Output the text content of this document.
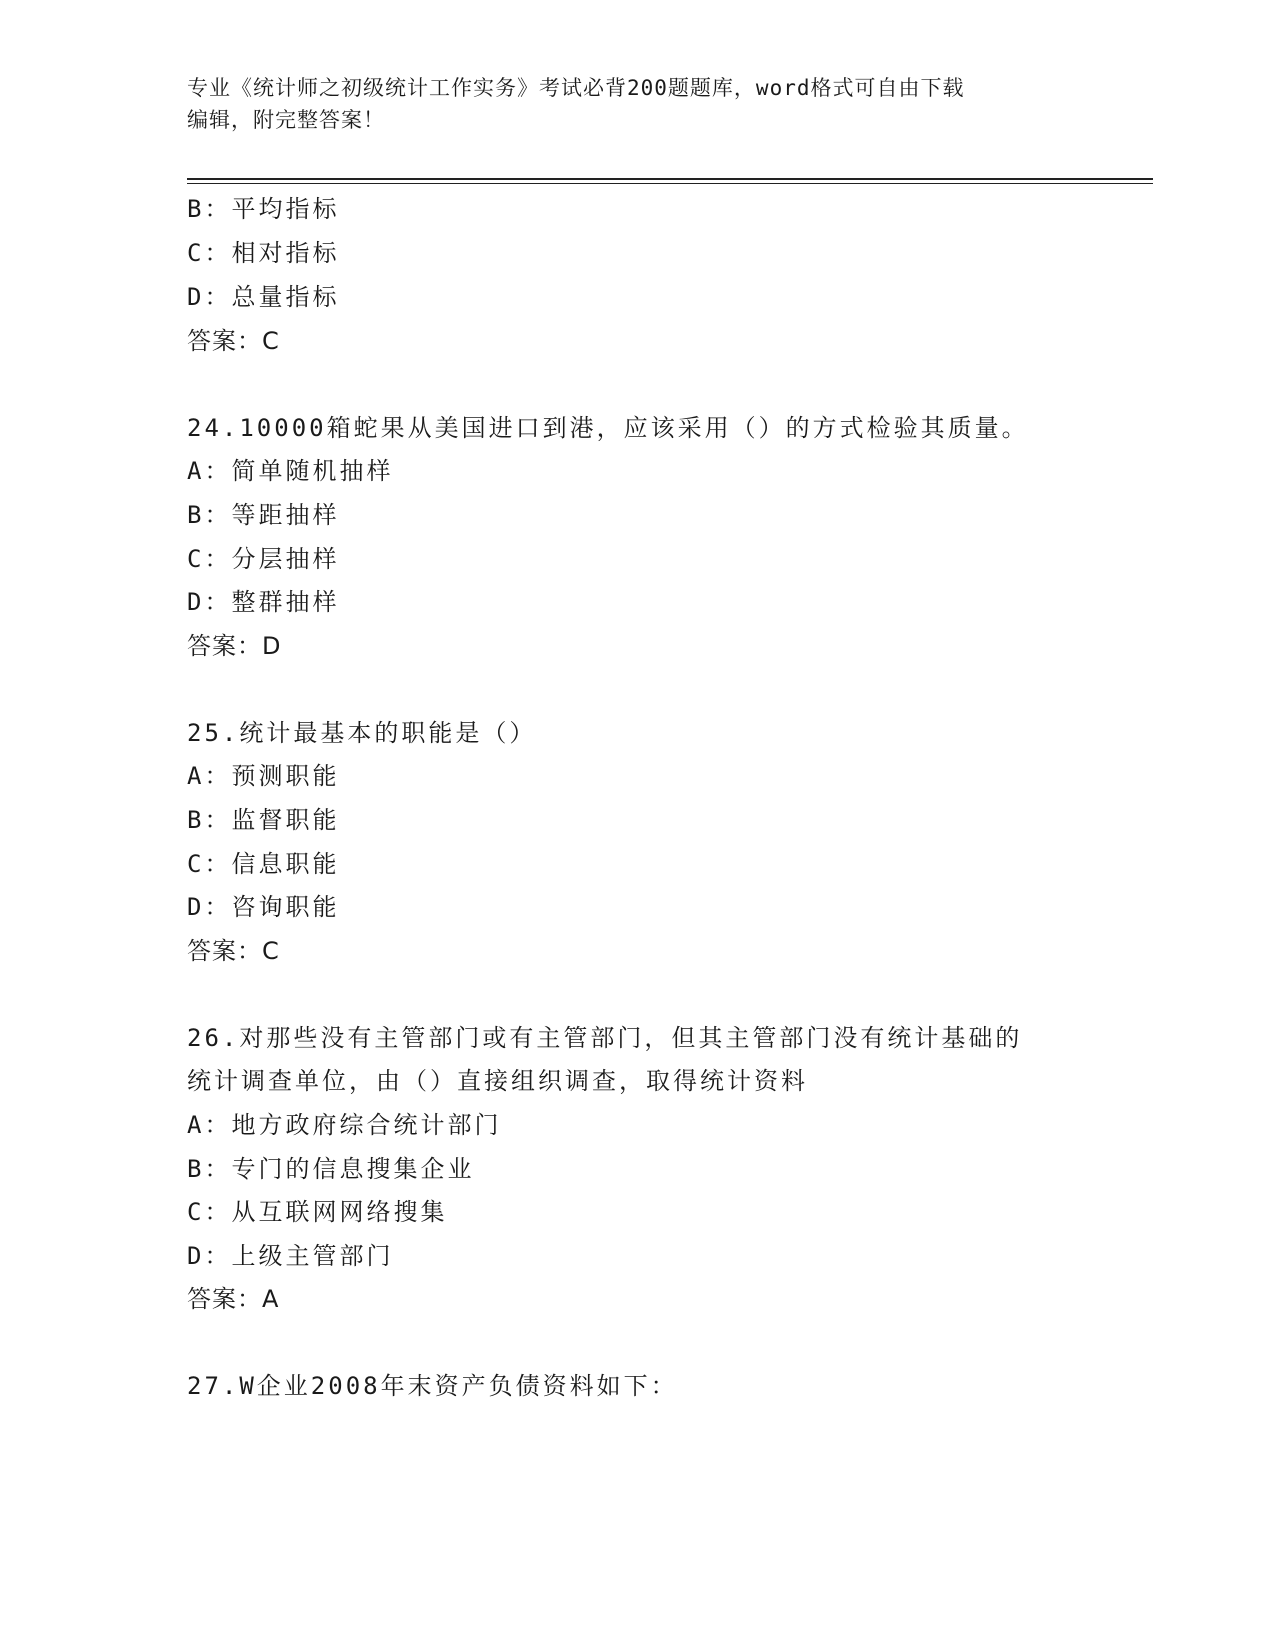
专业《统计师之初级统计工作实务》考试必背200题题库，word格式可自由下载
编辑，附完整答案！
B：平均指标
C：相对指标
D：总量指标
答案：C
24.10000箱蛇果从美国进口到港，应该采用（）的方式检验其质量。
A：简单随机抽样
B：等距抽样
C：分层抽样
D：整群抽样
答案：D
25.统计最基本的职能是（）
A：预测职能
B：监督职能
C：信息职能
D：咨询职能
答案：C
26.对那些没有主管部门或有主管部门，但其主管部门没有统计基础的
统计调查单位，由（）直接组织调查，取得统计资料
A：地方政府综合统计部门
B：专门的信息搜集企业
C：从互联网网络搜集
D：上级主管部门
答案：A
27.W企业2008年末资产负债资料如下：
